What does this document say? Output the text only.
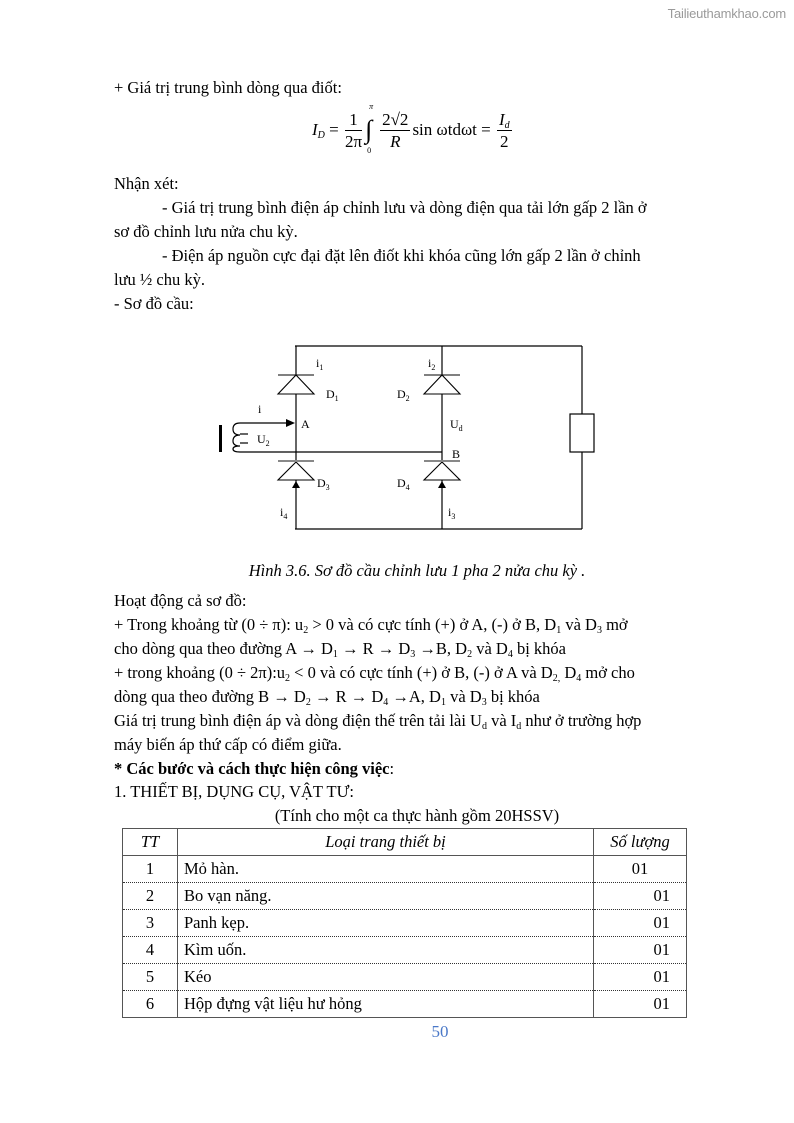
Tailieuthamkhao.com
+ Giá trị trung bình dòng qua điốt:
$I_D = \frac{1}{2\pi}$ ∫
π
$0 \frac{2√2}{R}$ $\sin \omega td\omega t = \frac{I_d}{2}$
Nhận xét:
- Giá trị trung bình điện áp chỉnh lưu và dòng điện qua tải lớn gấp 2 lần ở
sơ đồ chỉnh lưu nửa chu kỳ.
- Điện áp nguồn cực đại đặt lên điốt khi khóa cũng lớn gấp 2 lần ở chỉnh
lưu ½ chu kỳ.
- Sơ đồ cầu:
$i_1$	$i_2$
$D_1$	$D_2$
i
A
$U_2$
$U_d$
B
$D_3$	$D_4$
$i_4$	$i_3$
Hình 3.6. Sơ đồ cầu chỉnh lưu 1 pha 2 nửa chu kỳ .
Hoạt động cả sơ đồ:
+ Trong khoảng từ (0 ÷ π): $u_2 > 0$ và có cực tính (+) ở A, (-) ở B, $D_1$ và $D_3$ mở
cho dòng qua theo đường $A \to D_1 \to R \to D_3 \to B$, $D_2$ và $D_4$ bị khóa
+ trong khoảng $(0 \div 2\pi):u_2 < 0$ và có cực tính (+) ở B, (-) ở A và $D_{2,}$ $D_4$ mở cho
dòng qua theo đường $B \to D_2 \to R \to D_4 \to A$, $D_1$ và $D_3$ bị khóa
Giá trị trung bình điện áp và dòng điện thế trên tải lài $U_d$ và $I_d$ như ở trường hợp
máy biến áp thứ cấp có điểm giữa.
* Các bước và cách thực hiện công việc:
1. THIẾT BỊ, DỤNG CỤ, VẬT TƯ:
(Tính cho một ca thực hành gồm 20HSSV)
TT	Loại trang thiết bị	Số lượng
1	Mỏ hàn.	01
2	Bo vạn năng.	01
3	Panh kẹp.	01
4	Kìm uốn.	01
5	Kéo	01
6	Hộp đựng vật liệu hư hỏng	01
50
